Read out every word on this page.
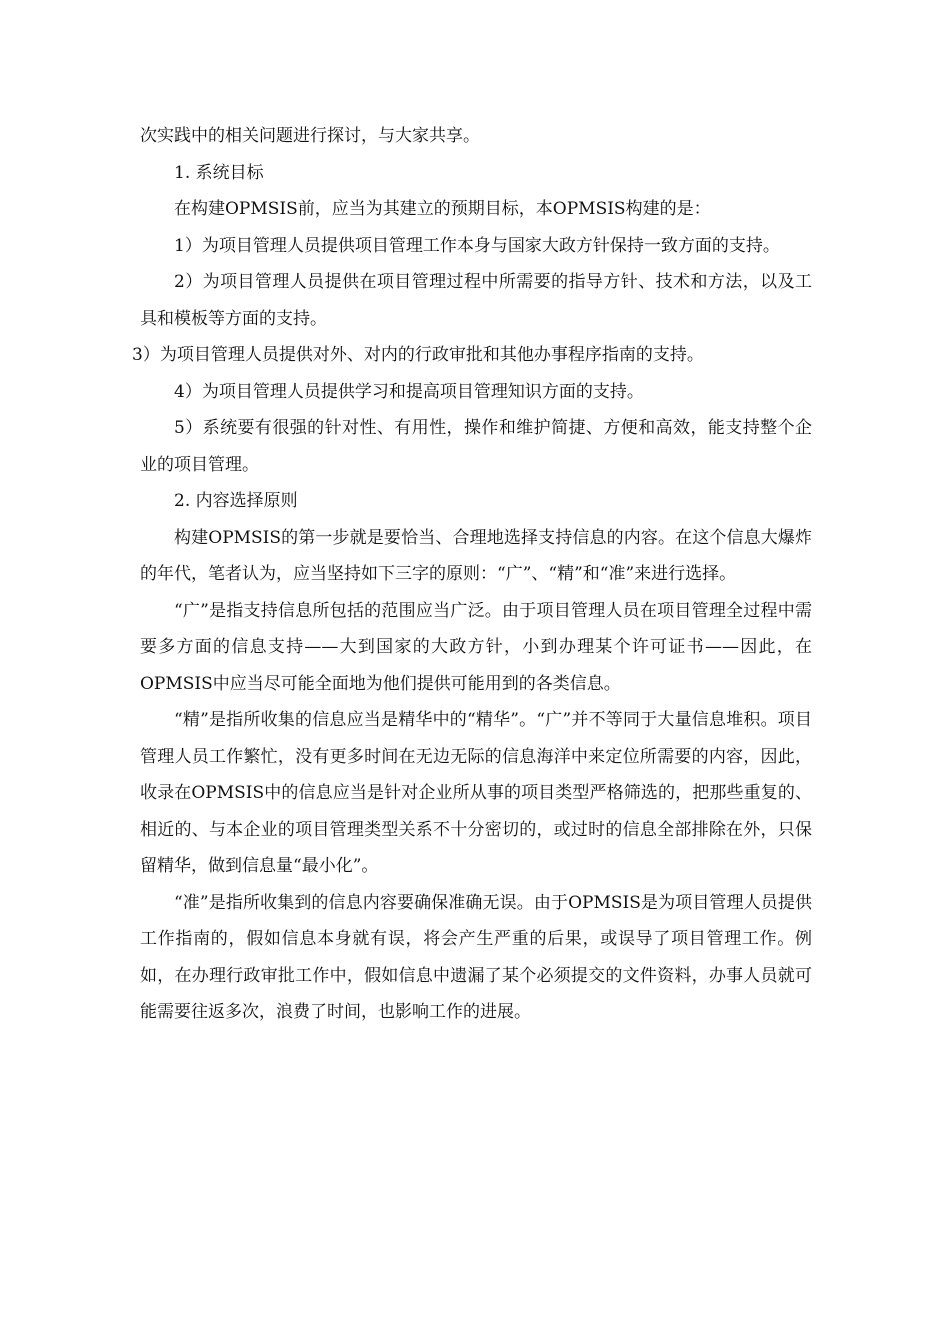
次实践中的相关问题进行探讨，与大家共享。

1. 系统目标

在构建OPMSIS前，应当为其建立的预期目标，本OPMSIS构建的是：

1）为项目管理人员提供项目管理工作本身与国家大政方针保持一致方面的支持。

2）为项目管理人员提供在项目管理过程中所需要的指导方针、技术和方法，以及工具和模板等方面的支持。

3）为项目管理人员提供对外、对内的行政审批和其他办事程序指南的支持。

4）为项目管理人员提供学习和提高项目管理知识方面的支持。

5）系统要有很强的针对性、有用性，操作和维护简捷、方便和高效，能支持整个企业的项目管理。

2. 内容选择原则

构建OPMSIS的第一步就是要恰当、合理地选择支持信息的内容。在这个信息大爆炸的年代，笔者认为，应当坚持如下三字的原则：“广”、“精”和“准”来进行选择。

“广”是指支持信息所包括的范围应当广泛。由于项目管理人员在项目管理全过程中需要多方面的信息支持——大到国家的大政方针，小到办理某个许可证书——因此，在OPMSIS中应当尽可能全面地为他们提供可能用到的各类信息。

“精”是指所收集的信息应当是精华中的“精华”。“广”并不等同于大量信息堆积。项目管理人员工作繁忙，没有更多时间在无边无际的信息海洋中来定位所需要的内容，因此，收录在OPMSIS中的信息应当是针对企业所从事的项目类型严格筛选的，把那些重复的、相近的、与本企业的项目管理类型关系不十分密切的，或过时的信息全部排除在外，只保留精华，做到信息量“最小化”。

“准”是指所收集到的信息内容要确保准确无误。由于OPMSIS是为项目管理人员提供工作指南的，假如信息本身就有误，将会产生严重的后果，或误导了项目管理工作。例如，在办理行政审批工作中，假如信息中遗漏了某个必须提交的文件资料，办事人员就可能需要往返多次，浪费了时间，也影响工作的进展。
